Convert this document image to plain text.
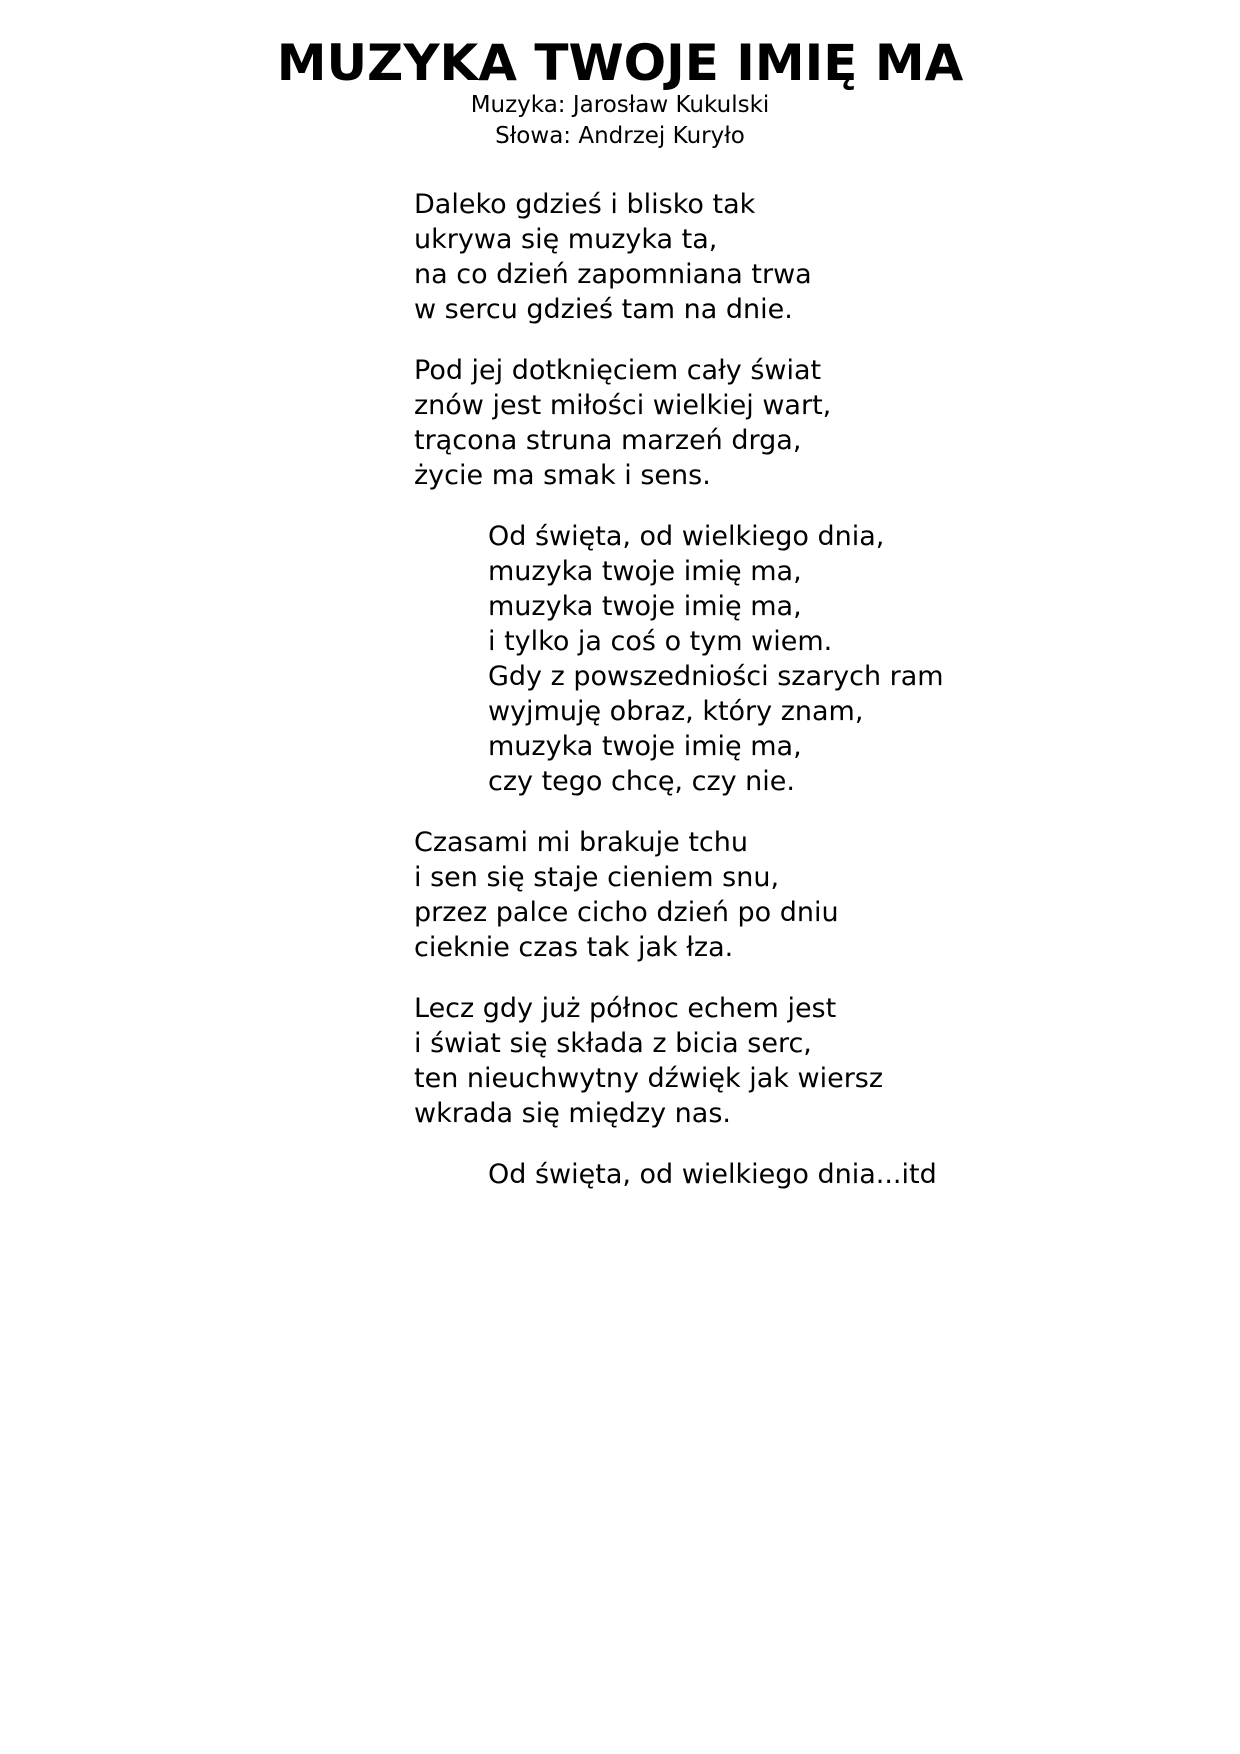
MUZYKA TWOJE IMIĘ MA
Muzyka: Jarosław Kukulski
Słowa: Andrzej Kuryło
Daleko gdzieś i blisko tak
ukrywa się muzyka ta,
na co dzień zapomniana trwa
w sercu gdzieś tam na dnie.
Pod jej dotknięciem cały świat
znów jest miłości wielkiej wart,
trącona struna marzeń drga,
życie ma smak i sens.
Od święta, od wielkiego dnia,
muzyka twoje imię ma,
muzyka twoje imię ma,
i tylko ja coś o tym wiem.
Gdy z powszedniości szarych ram
wyjmuję obraz, który znam,
muzyka twoje imię ma,
czy tego chcę, czy nie.
Czasami mi brakuje tchu
i sen się staje cieniem snu,
przez palce cicho dzień po dniu
cieknie czas tak jak łza.
Lecz gdy już północ echem jest
i świat się składa z bicia serc,
ten nieuchwytny dźwięk jak wiersz
wkrada się między nas.
Od święta, od wielkiego dnia...itd
